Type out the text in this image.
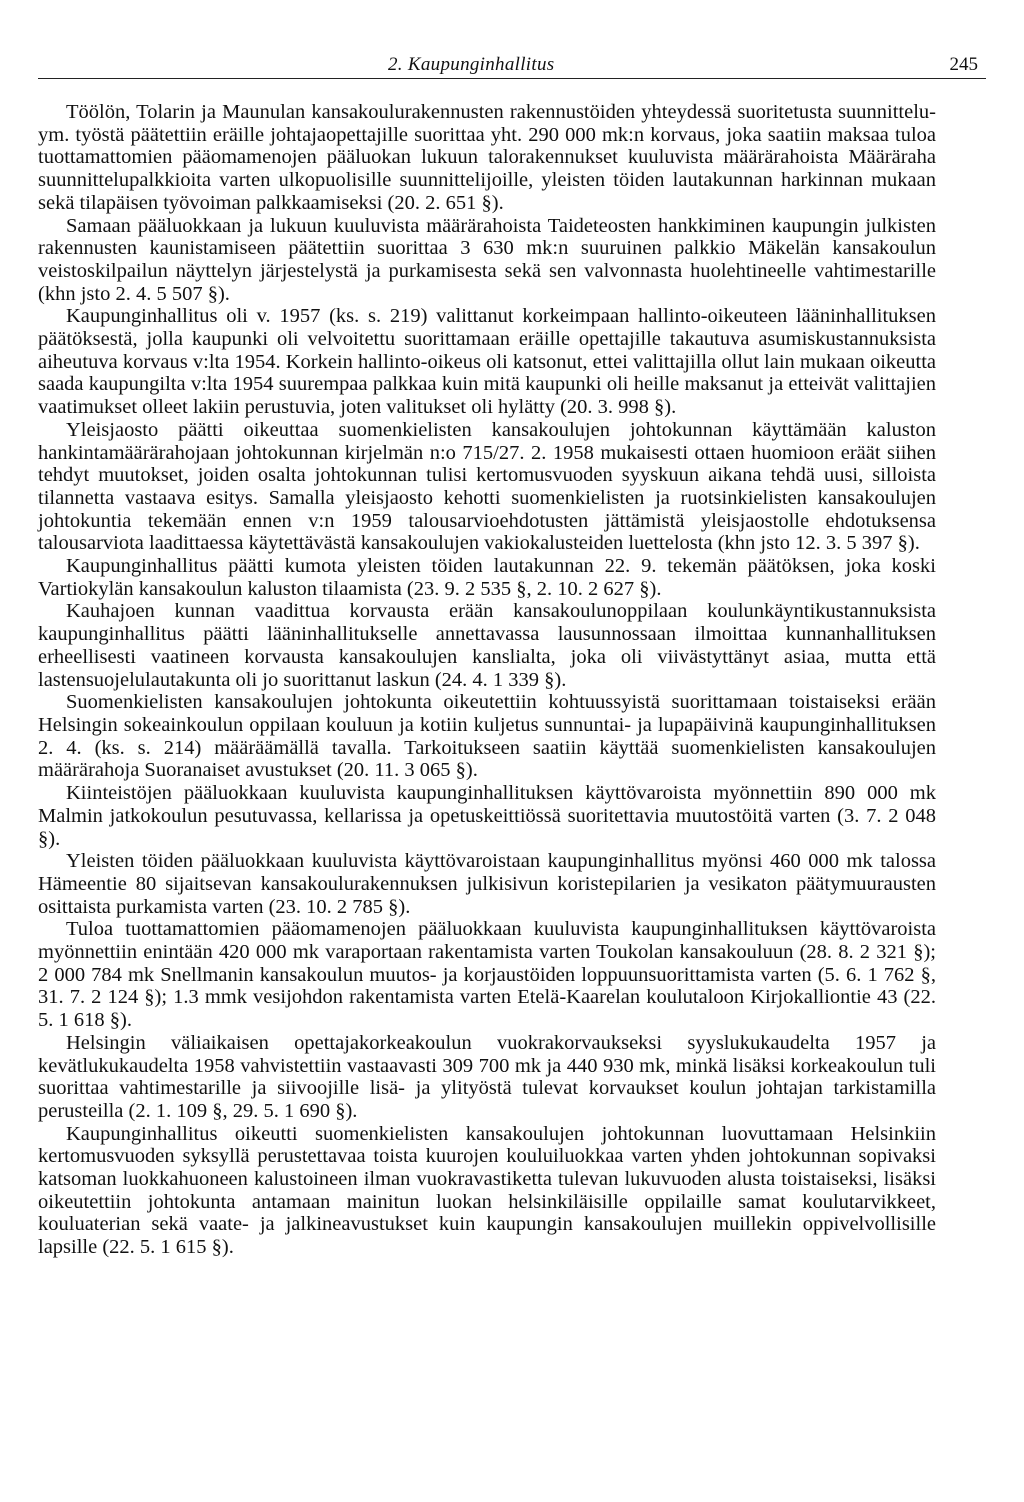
2. Kaupunginhallitus	245

Töölön, Tolarin ja Maunulan kansakoulurakennusten rakennustöiden yhteydessä suoritetusta suunnittelu- ym. työstä päätettiin eräille johtajaopettajille suorittaa yht. 290 000 mk:n korvaus, joka saatiin maksaa tuloa tuottamattomien pääomamenojen pääluokan lukuun talorakennukset kuuluvista määrärahoista Määräraha suunnittelupalkkioita varten ulkopuolisille suunnittelijoille, yleisten töiden lautakunnan harkinnan mukaan sekä tilapäisen työvoiman palkkaamiseksi (20. 2. 651 §).

Samaan pääluokkaan ja lukuun kuuluvista määrärahoista Taideteosten hankkiminen kaupungin julkisten rakennusten kaunistamiseen päätettiin suorittaa 3 630 mk:n suuruinen palkkio Mäkelän kansakoulun veistoskilpailun näyttelyn järjestelystä ja purkamisesta sekä sen valvonnasta huolehtineelle vahtimestarille (khn jsto 2. 4. 5 507 §).

Kaupunginhallitus oli v. 1957 (ks. s. 219) valittanut korkeimpaan hallinto-oikeuteen lääninhallituksen päätöksestä, jolla kaupunki oli velvoitettu suorittamaan eräille opettajille takautuva asumiskustannuksista aiheutuva korvaus v:lta 1954. Korkein hallinto-oikeus oli katsonut, ettei valittajilla ollut lain mukaan oikeutta saada kaupungilta v:lta 1954 suurempaa palkkaa kuin mitä kaupunki oli heille maksanut ja etteivät valittajien vaatimukset olleet lakiin perustuvia, joten valitukset oli hylätty (20. 3. 998 §).

Yleisjaosto päätti oikeuttaa suomenkielisten kansakoulujen johtokunnan käyttämään kaluston hankintamäärärahojaan johtokunnan kirjelmän n:o 715/27. 2. 1958 mukaisesti ottaen huomioon eräät siihen tehdyt muutokset, joiden osalta johtokunnan tulisi kertomusvuoden syyskuun aikana tehdä uusi, silloista tilannetta vastaava esitys. Samalla yleisjaosto kehotti suomenkielisten ja ruotsinkielisten kansakoulujen johtokuntia tekemään ennen v:n 1959 talousarvioehdotusten jättämistä yleisjaostolle ehdotuksensa talousarviota laadittaessa käytettävästä kansakoulujen vakiokalusteiden luettelosta (khn jsto 12. 3. 5 397 §).

Kaupunginhallitus päätti kumota yleisten töiden lautakunnan 22. 9. tekemän päätöksen, joka koski Vartiokylän kansakoulun kaluston tilaamista (23. 9. 2 535 §, 2. 10. 2 627 §).

Kauhajoen kunnan vaadittua korvausta erään kansakoulunoppilaan koulunkäyntikustannuksista kaupunginhallitus päätti lääninhallitukselle annettavassa lausunnossaan ilmoittaa kunnanhallituksen erheellisesti vaatineen korvausta kansakoulujen kanslialta, joka oli viivästyttänyt asiaa, mutta että lastensuojelulautakunta oli jo suorittanut laskun (24. 4. 1 339 §).

Suomenkielisten kansakoulujen johtokunta oikeutettiin kohtuussyistä suorittamaan toistaiseksi erään Helsingin sokeainkoulun oppilaan kouluun ja kotiin kuljetus sunnuntai- ja lupapäivinä kaupunginhallituksen 2. 4. (ks. s. 214) määräämällä tavalla. Tarkoitukseen saatiin käyttää suomenkielisten kansakoulujen määrärahoja Suoranaiset avustukset (20. 11. 3 065 §).

Kiinteistöjen pääluokkaan kuuluvista kaupunginhallituksen käyttövaroista myönnettiin 890 000 mk Malmin jatkokoulun pesutuvassa, kellarissa ja opetuskeittiössä suoritettavia muutostöitä varten (3. 7. 2 048 §).

Yleisten töiden pääluokkaan kuuluvista käyttövaroistaan kaupunginhallitus myönsi 460 000 mk talossa Hämeentie 80 sijaitsevan kansakoulurakennuksen julkisivun koristepilarien ja vesikaton päätymuurausten osittaista purkamista varten (23. 10. 2 785 §).

Tuloa tuottamattomien pääomamenojen pääluokkaan kuuluvista kaupunginhallituksen käyttövaroista myönnettiin enintään 420 000 mk varaportaan rakentamista varten Toukolan kansakouluun (28. 8. 2 321 §); 2 000 784 mk Snellmanin kansakoulun muutos- ja korjaustöiden loppuunsuorittamista varten (5. 6. 1 762 §, 31. 7. 2 124 §); 1.3 mmk vesijohdon rakentamista varten Etelä-Kaarelan koulutaloon Kirjokalliontie 43 (22. 5. 1 618 §).

Helsingin väliaikaisen opettajakorkeakoulun vuokrakorvaukseksi syyslukukaudelta 1957 ja kevätlukukaudelta 1958 vahvistettiin vastaavasti 309 700 mk ja 440 930 mk, minkä lisäksi korkeakoulun tuli suorittaa vahtimestarille ja siivoojille lisä- ja ylityöstä tulevat korvaukset koulun johtajan tarkistamilla perusteilla (2. 1. 109 §, 29. 5. 1 690 §).

Kaupunginhallitus oikeutti suomenkielisten kansakoulujen johtokunnan luovuttamaan Helsinkiin kertomusvuoden syksyllä perustettavaa toista kuurojen kouluiluokkaa varten yhden johtokunnan sopivaksi katsoman luokkahuoneen kalustoineen ilman vuokravastiketta tulevan lukuvuoden alusta toistaiseksi, lisäksi oikeutettiin johtokunta antamaan mainitun luokan helsinkiläisille oppilaille samat koulutarvikkeet, kouluaterian sekä vaate- ja jalkineavustukset kuin kaupungin kansakoulujen muillekin oppivelvollisille lapsille (22. 5. 1 615 §).
